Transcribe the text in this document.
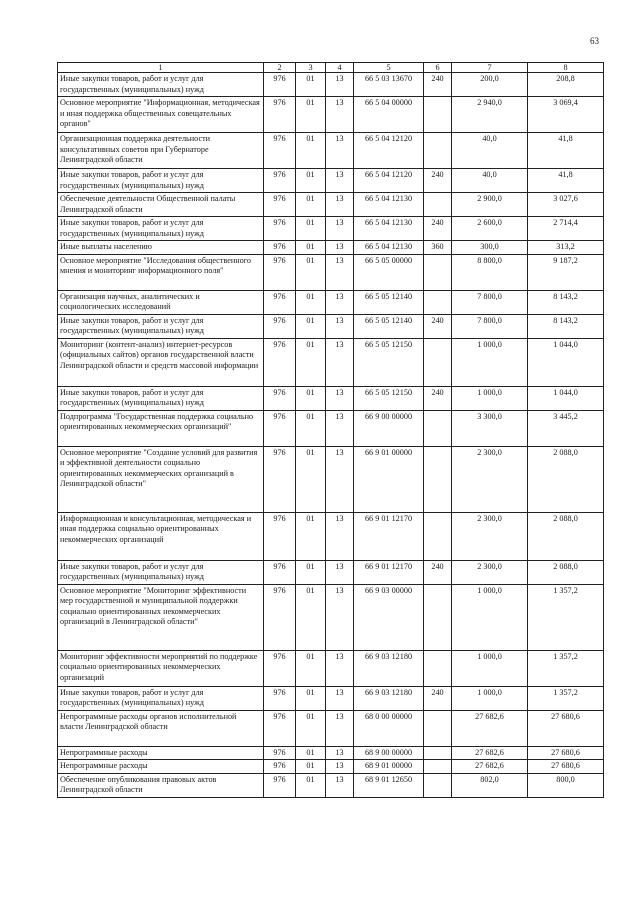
63
1	2	3	4	5	6	7	8
Иные закупки товаров, работ и услуг для государственных (муниципальных) нужд	976	01	13	66 5 03 13670	240	200,0	208,8
Основное мероприятие "Информационная, методическая и иная поддержка общественных совещательных органов"	976	01	13	66 5 04 00000		2 940,0	3 069,4
Организационная поддержка деятельности консультативных советов при Губернаторе Ленинградской области	976	01	13	66 5 04 12120		40,0	41,8
Иные закупки товаров, работ и услуг для государственных (муниципальных) нужд	976	01	13	66 5 04 12120	240	40,0	41,8
Обеспечение деятельности Общественной палаты Ленинградской области	976	01	13	66 5 04 12130		2 900,0	3 027,6
Иные закупки товаров, работ и услуг для государственных (муниципальных) нужд	976	01	13	66 5 04 12130	240	2 600,0	2 714,4
Иные выплаты населению	976	01	13	66 5 04 12130	360	300,0	313,2
Основное мероприятие "Исследования общественного мнения и мониторинг информационного поля"	976	01	13	66 5 05 00000		8 800,0	9 187,2
Организация научных, аналитических и социологических исследований	976	01	13	66 5 05 12140		7 800,0	8 143,2
Иные закупки товаров, работ и услуг для государственных (муниципальных) нужд	976	01	13	66 5 05 12140	240	7 800,0	8 143,2
Мониторинг (контент-анализ) интернет-ресурсов (официальных сайтов) органов государственной власти Ленинградской области и средств массовой информации	976	01	13	66 5 05 12150		1 000,0	1 044,0
Иные закупки товаров, работ и услуг для государственных (муниципальных) нужд	976	01	13	66 5 05 12150	240	1 000,0	1 044,0
Подпрограмма "Государственная поддержка социально ориентированных некоммерческих организаций"	976	01	13	66 9 00 00000		3 300,0	3 445,2
Основное мероприятие "Создание условий для развития и эффективной деятельности социально ориентированных некоммерческих организаций в Ленинградской области"	976	01	13	66 9 01 00000		2 300,0	2 088,0
Информационная и консультационная, методическая и иная поддержка социально ориентированных некоммерческих организаций	976	01	13	66 9 01 12170		2 300,0	2 088,0
Иные закупки товаров, работ и услуг для государственных (муниципальных) нужд	976	01	13	66 9 01 12170	240	2 300,0	2 088,0
Основное мероприятие "Мониторинг эффективности мер государственной и муниципальной поддержки социально ориентированных некоммерческих организаций в Ленинградской области"	976	01	13	66 9 03 00000		1 000,0	1 357,2
Мониторинг эффективности мероприятий по поддержке социально ориентированных некоммерческих организаций	976	01	13	66 9 03 12180		1 000,0	1 357,2
Иные закупки товаров, работ и услуг для государственных (муниципальных) нужд	976	01	13	66 9 03 12180	240	1 000,0	1 357,2
Непрограммные расходы органов исполнительной власти Ленинградской области	976	01	13	68 0 00 00000		27 682,6	27 680,6
Непрограммные расходы	976	01	13	68 9 00 00000		27 682,6	27 680,6
Непрограммные расходы	976	01	13	68 9 01 00000		27 682,6	27 680,6
Обеспечение опубликования правовых актов Ленинградской области	976	01	13	68 9 01 12650		802,0	800,0
